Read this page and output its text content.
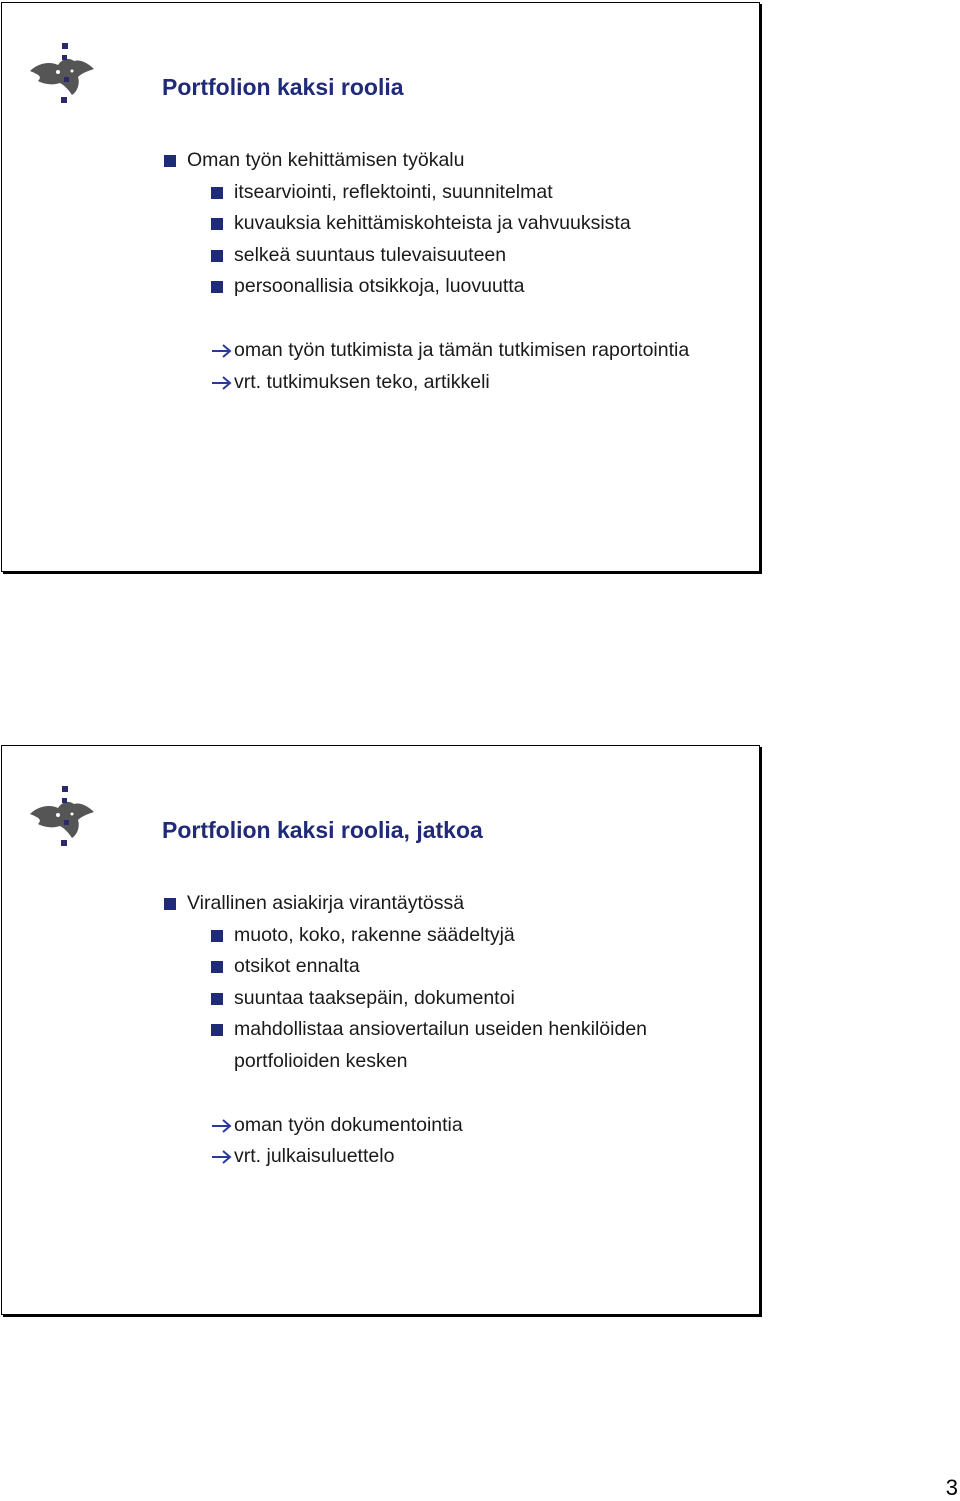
Portfolion kaksi roolia
Oman työn kehittämisen työkalu
itsearviointi, reflektointi, suunnitelmat
kuvauksia kehittämiskohteista ja vahvuuksista
selkeä suuntaus tulevaisuuteen
persoonallisia otsikkoja, luovuutta
oman työn tutkimista ja tämän tutkimisen raportointia
vrt. tutkimuksen teko, artikkeli
Portfolion kaksi roolia, jatkoa
Virallinen asiakirja virantäytössä
muoto, koko, rakenne säädeltyjä
otsikot ennalta
suuntaa taaksepäin, dokumentoi
mahdollistaa ansiovertailun useiden henkilöiden
portfolioiden kesken
oman työn dokumentointia
vrt. julkaisuluettelo
3
